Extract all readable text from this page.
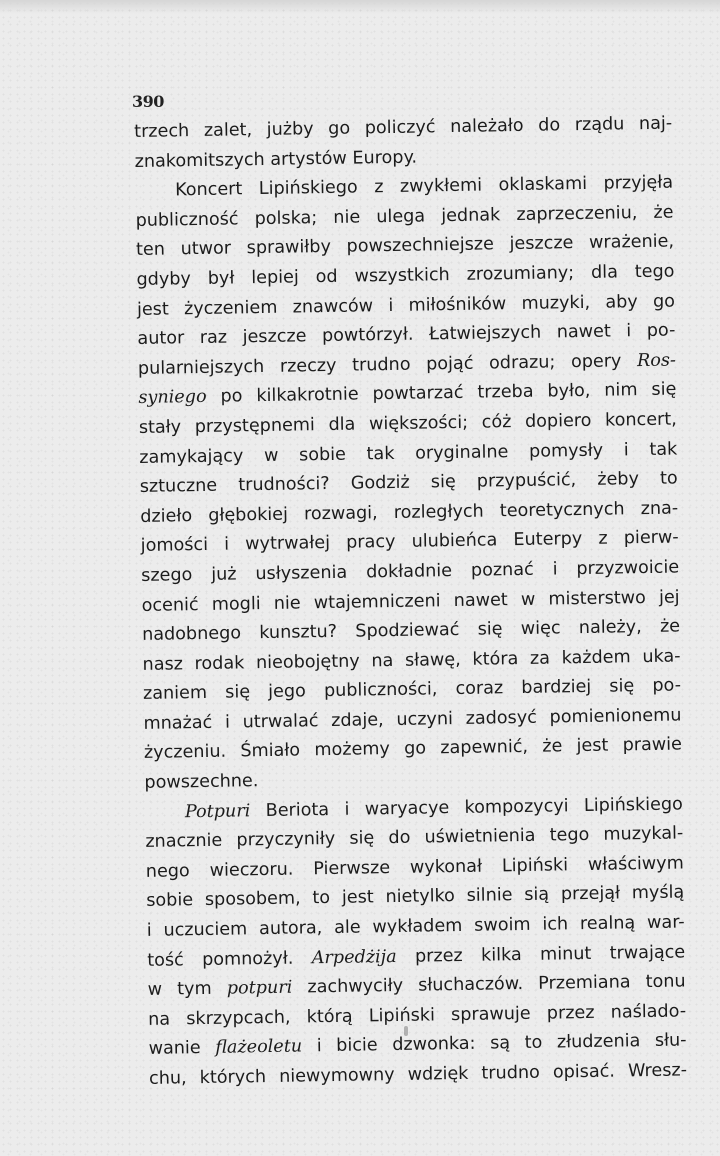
390
trzech zalet, jużby go policzyć należało do rządu naj-
znakomitszych artystów Europy.
Koncert Lipińskiego z zwykłemi oklaskami przyjęła
publiczność polska; nie ulega jednak zaprzeczeniu, że
ten utwor sprawiłby powszechniejsze jeszcze wrażenie,
gdyby był lepiej od wszystkich zrozumiany; dla tego
jest życzeniem znawców i miłośników muzyki, aby go
autor raz jeszcze powtórzył. Łatwiejszych nawet i po-
pularniejszych rzeczy trudno pojąć odrazu; opery Ros-
syniego po kilkakrotnie powtarzać trzeba było, nim się
stały przystępnemi dla większości; cóż dopiero koncert,
zamykający w sobie tak oryginalne pomysły i tak
sztuczne trudności? Godziż się przypuścić, żeby to
dzieło głębokiej rozwagi, rozległych teoretycznych zna-
jomości i wytrwałej pracy ulubieńca Euterpy z pierw-
szego już usłyszenia dokładnie poznać i przyzwoicie
ocenić mogli nie wtajemniczeni nawet w misterstwo jej
nadobnego kunsztu? Spodziewać się więc należy, że
nasz rodak nieobojętny na sławę, która za każdem uka-
zaniem się jego publiczności, coraz bardziej się po-
mnażać i utrwalać zdaje, uczyni zadosyć pomienionemu
życzeniu. Śmiało możemy go zapewnić, że jest prawie
powszechne.
Potpuri Beriota i waryacye kompozycyi Lipińskiego
znacznie przyczyniły się do uświetnienia tego muzykal-
nego wieczoru. Pierwsze wykonał Lipiński właściwym
sobie sposobem, to jest nietylko silnie sią przejął myślą
i uczuciem autora, ale wykładem swoim ich realną war-
tość pomnożył. Arpedżija przez kilka minut trwające
w tym potpuri zachwyciły słuchaczów. Przemiana tonu
na skrzypcach, którą Lipiński sprawuje przez naślado-
wanie flażeoletu i bicie dzwonka: są to złudzenia słu-
chu, których niewymowny wdzięk trudno opisać. Wresz-
